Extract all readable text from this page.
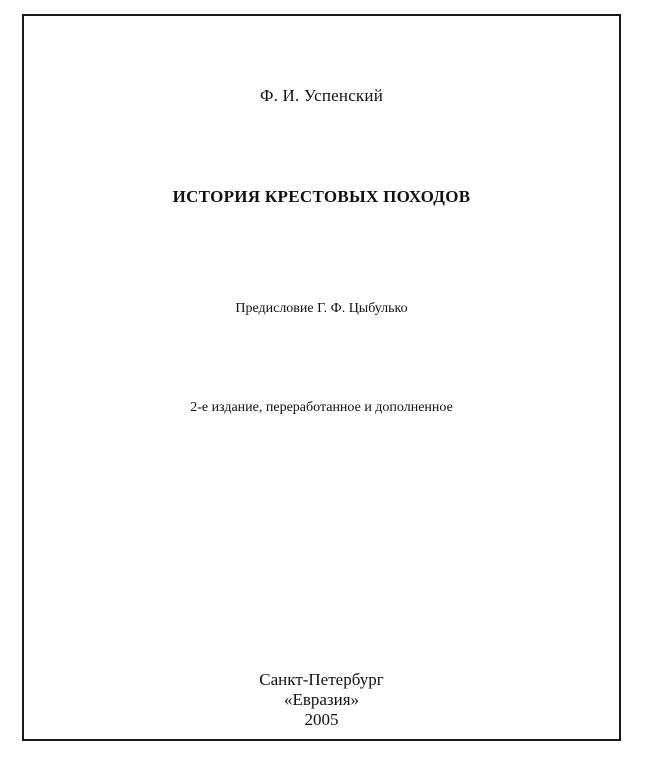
Ф. И. Успенский
ИСТОРИЯ КРЕСТОВЫХ ПОХОДОВ
Предисловие Г. Ф. Цыбулько
2-е издание, переработанное и дополненное
Санкт-Петербург
«Евразия»
2005
